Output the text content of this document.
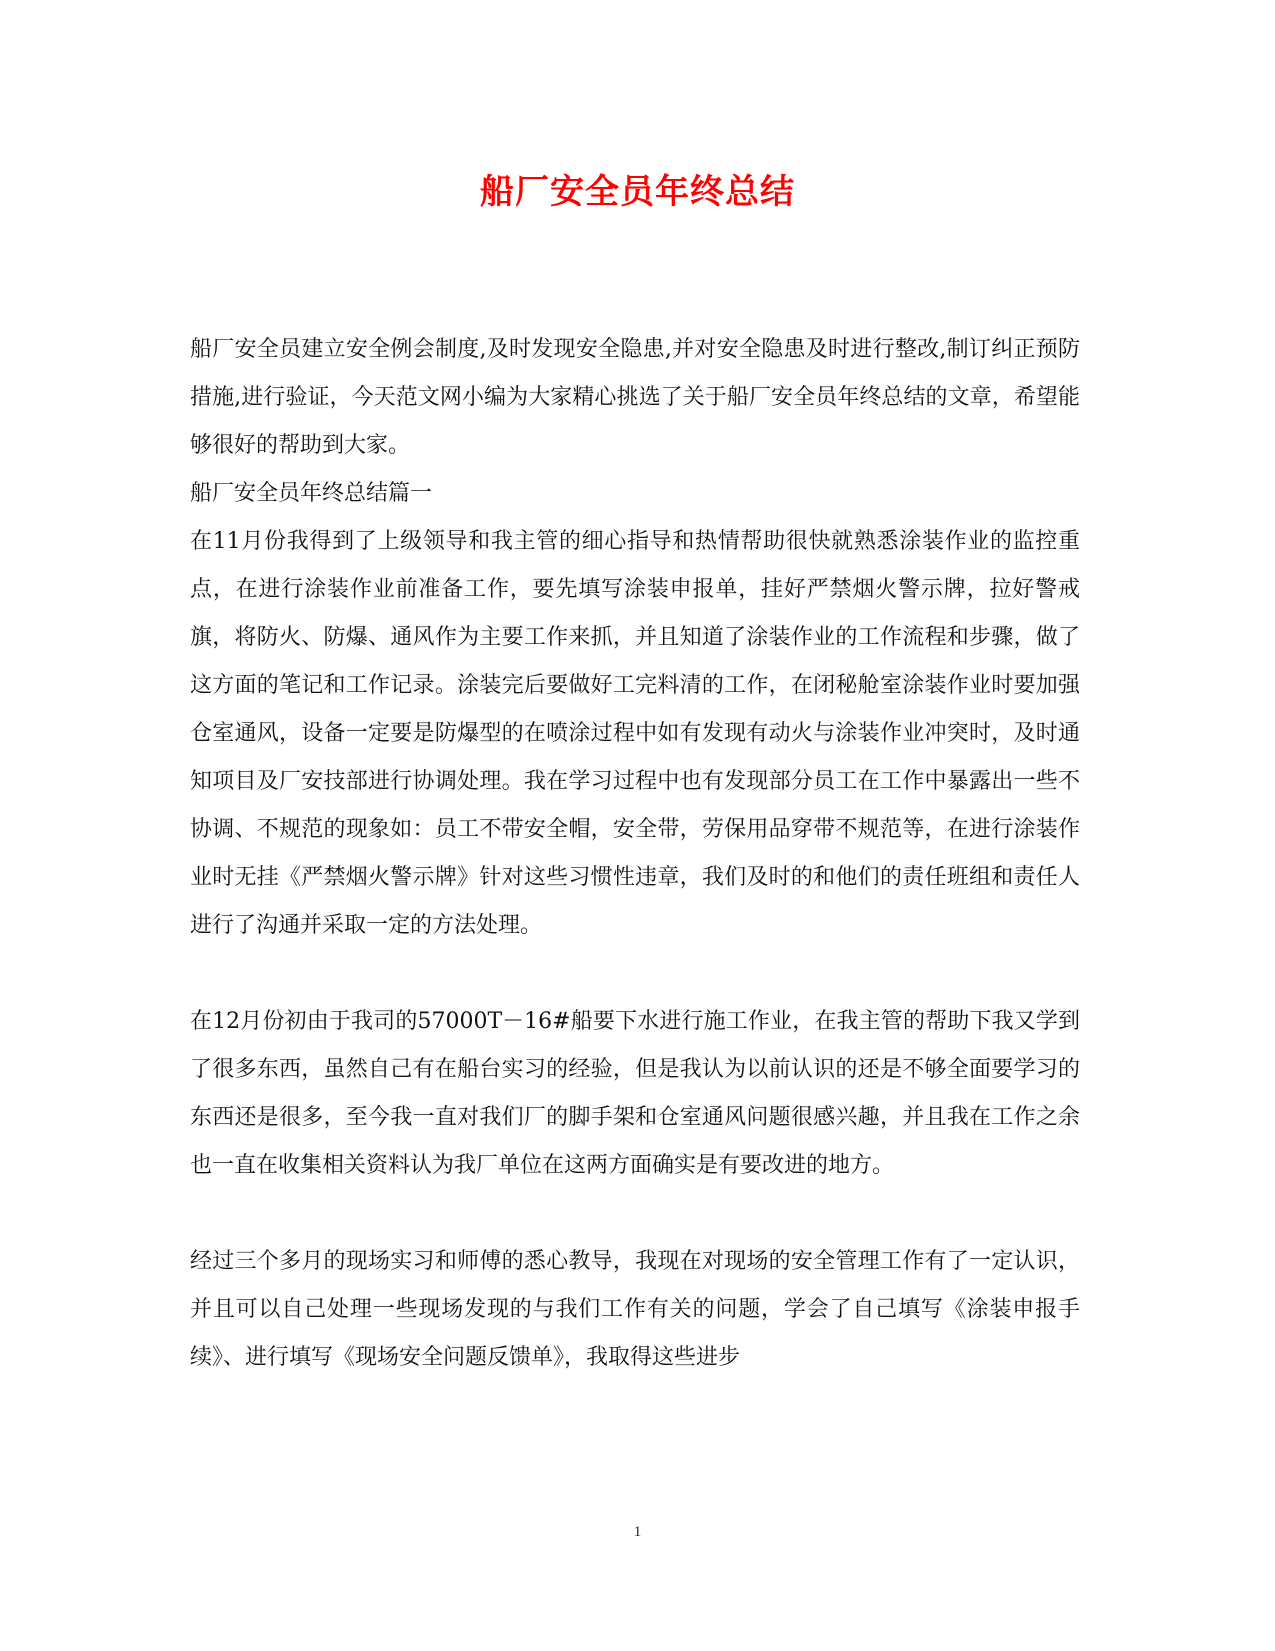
船厂安全员年终总结

船厂安全员建立安全例会制度,及时发现安全隐患,并对安全隐患及时进行整改,制订纠正预防措施,进行验证，今天范文网小编为大家精心挑选了关于船厂安全员年终总结的文章，希望能够很好的帮助到大家。

船厂安全员年终总结篇一

在11月份我得到了上级领导和我主管的细心指导和热情帮助很快就熟悉涂装作业的监控重点，在进行涂装作业前准备工作，要先填写涂装申报单，挂好严禁烟火警示牌，拉好警戒旗，将防火、防爆、通风作为主要工作来抓，并且知道了涂装作业的工作流程和步骤，做了这方面的笔记和工作记录。涂装完后要做好工完料清的工作，在闭秘舱室涂装作业时要加强仓室通风，设备一定要是防爆型的在喷涂过程中如有发现有动火与涂装作业冲突时，及时通知项目及厂安技部进行协调处理。我在学习过程中也有发现部分员工在工作中暴露出一些不协调、不规范的现象如：员工不带安全帽，安全带，劳保用品穿带不规范等，在进行涂装作业时无挂《严禁烟火警示牌》针对这些习惯性违章，我们及时的和他们的责任班组和责任人进行了沟通并采取一定的方法处理。

在12月份初由于我司的57000T－16#船要下水进行施工作业，在我主管的帮助下我又学到了很多东西，虽然自己有在船台实习的经验，但是我认为以前认识的还是不够全面要学习的东西还是很多，至今我一直对我们厂的脚手架和仓室通风问题很感兴趣，并且我在工作之余也一直在收集相关资料认为我厂单位在这两方面确实是有要改进的地方。

经过三个多月的现场实习和师傅的悉心教导，我现在对现场的安全管理工作有了一定认识，并且可以自己处理一些现场发现的与我们工作有关的问题，学会了自己填写《涂装申报手续》、进行填写《现场安全问题反馈单》，我取得这些进步

1
